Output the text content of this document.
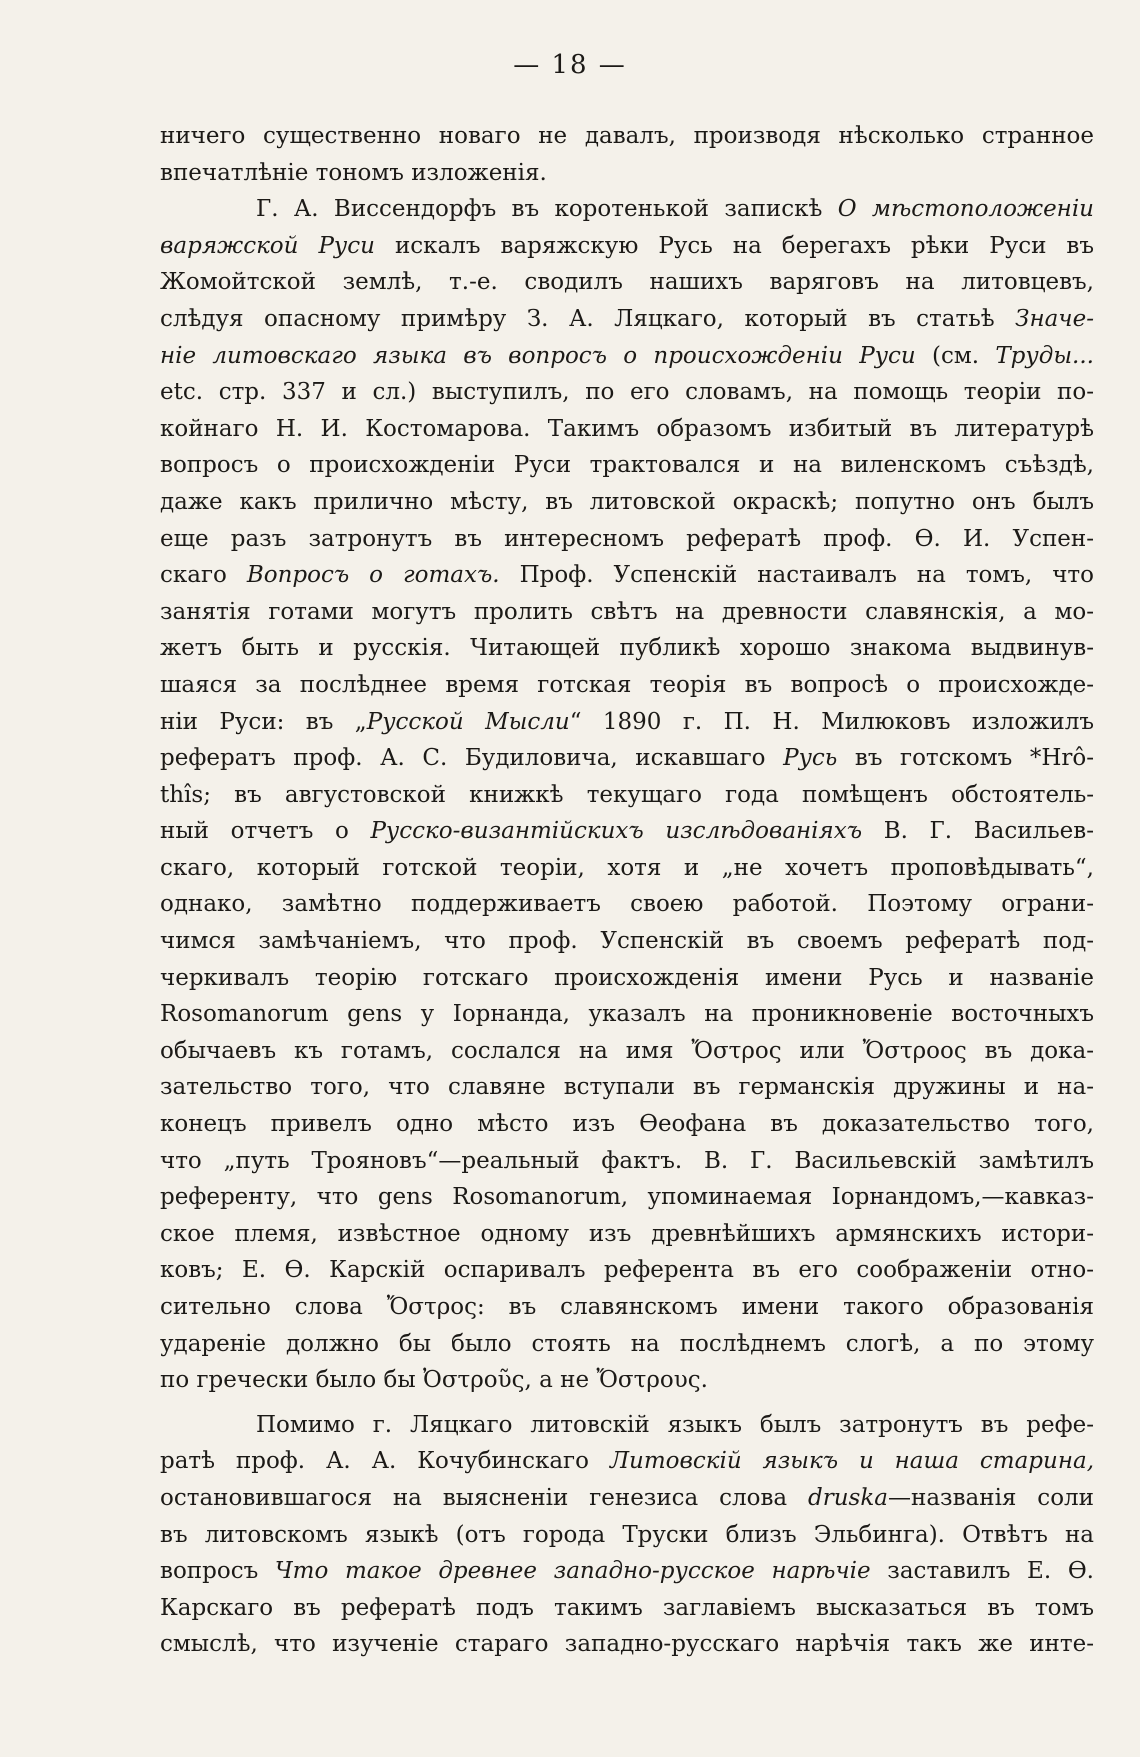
— 18 —
ничего существенно новаго не давалъ, производя нѣсколько странное
впечатлѣніе тономъ изложенія.
Г. А. Виссендорфъ въ коротенькой запискѣ О мѣстоположеніи
варяжской Руси искалъ варяжскую Русь на берегахъ рѣки Руси въ
Жомойтской землѣ, т.-е. сводилъ нашихъ варяговъ на литовцевъ,
слѣдуя опасному примѣру З. А. Ляцкаго, который въ статьѣ Значе-
ніе литовскаго языка въ вопросъ о происхожденіи Руси (см. Труды...
etc. стр. 337 и сл.) выступилъ, по его словамъ, на помощь теоріи по-
койнаго Н. И. Костомарова. Такимъ образомъ избитый въ литературѣ
вопросъ о происхожденіи Руси трактовался и на виленскомъ съѣздѣ,
даже какъ прилично мѣсту, въ литовской окраскѣ; попутно онъ былъ
еще разъ затронутъ въ интересномъ рефератѣ проф. Ѳ. И. Успен-
скаго Вопросъ о готахъ. Проф. Успенскій настаивалъ на томъ, что
занятія готами могутъ пролить свѣтъ на древности славянскія, а мо-
жетъ быть и русскія. Читающей публикѣ хорошо знакома выдвинув-
шаяся за послѣднее время готская теорія въ вопросѣ о происхожде-
ніи Руси: въ „Русской Мысли“ 1890 г. П. Н. Милюковъ изложилъ
рефератъ проф. А. С. Будиловича, искавшаго Русь въ готскомъ *Hrô-
thîs; въ августовской книжкѣ текущаго года помѣщенъ обстоятель-
ный отчетъ о Русско-византійскихъ изслѣдованіяхъ В. Г. Васильев-
скаго, который готской теоріи, хотя и „не хочетъ проповѣдывать“,
однако, замѣтно поддерживаетъ своею работой. Поэтому ограни-
чимся замѣчаніемъ, что проф. Успенскій въ своемъ рефератѣ под-
черкивалъ теорію готскаго происхожденія имени Русь и названіе
Rosomanorum gens у Іорнанда, указалъ на проникновеніе восточныхъ
обычаевъ къ готамъ, сослался на имя Ὄστρος или Ὄστροος въ дока-
зательство того, что славяне вступали въ германскія дружины и на-
конецъ привелъ одно мѣсто изъ Ѳеофана въ доказательство того,
что „путь Трояновъ“—реальный фактъ. В. Г. Васильевскій замѣтилъ
референту, что gens Rosomanorum, упоминаемая Іорнандомъ,—кавказ-
ское племя, извѣстное одному изъ древнѣйшихъ армянскихъ истори-
ковъ; Е. Ѳ. Карскій оспаривалъ референта въ его соображеніи отно-
сительно слова Ὄστρος: въ славянскомъ имени такого образованія
удареніе должно бы было стоять на послѣднемъ слогѣ, а по этому
по гречески было бы Ὀστροῦς, а не Ὄστρους.
Помимо г. Ляцкаго литовскій языкъ былъ затронутъ въ рефе-
ратѣ проф. А. А. Кочубинскаго Литовскій языкъ и наша старина,
остановившагося на выясненіи генезиса слова druska—названія соли
въ литовскомъ языкѣ (отъ города Труски близъ Эльбинга). Отвѣтъ на
вопросъ Что такое древнее западно-русское нарѣчіе заставилъ Е. Ѳ.
Карскаго въ рефератѣ подъ такимъ заглавіемъ высказаться въ томъ
смыслѣ, что изученіе стараго западно-русскаго нарѣчія такъ же инте-
